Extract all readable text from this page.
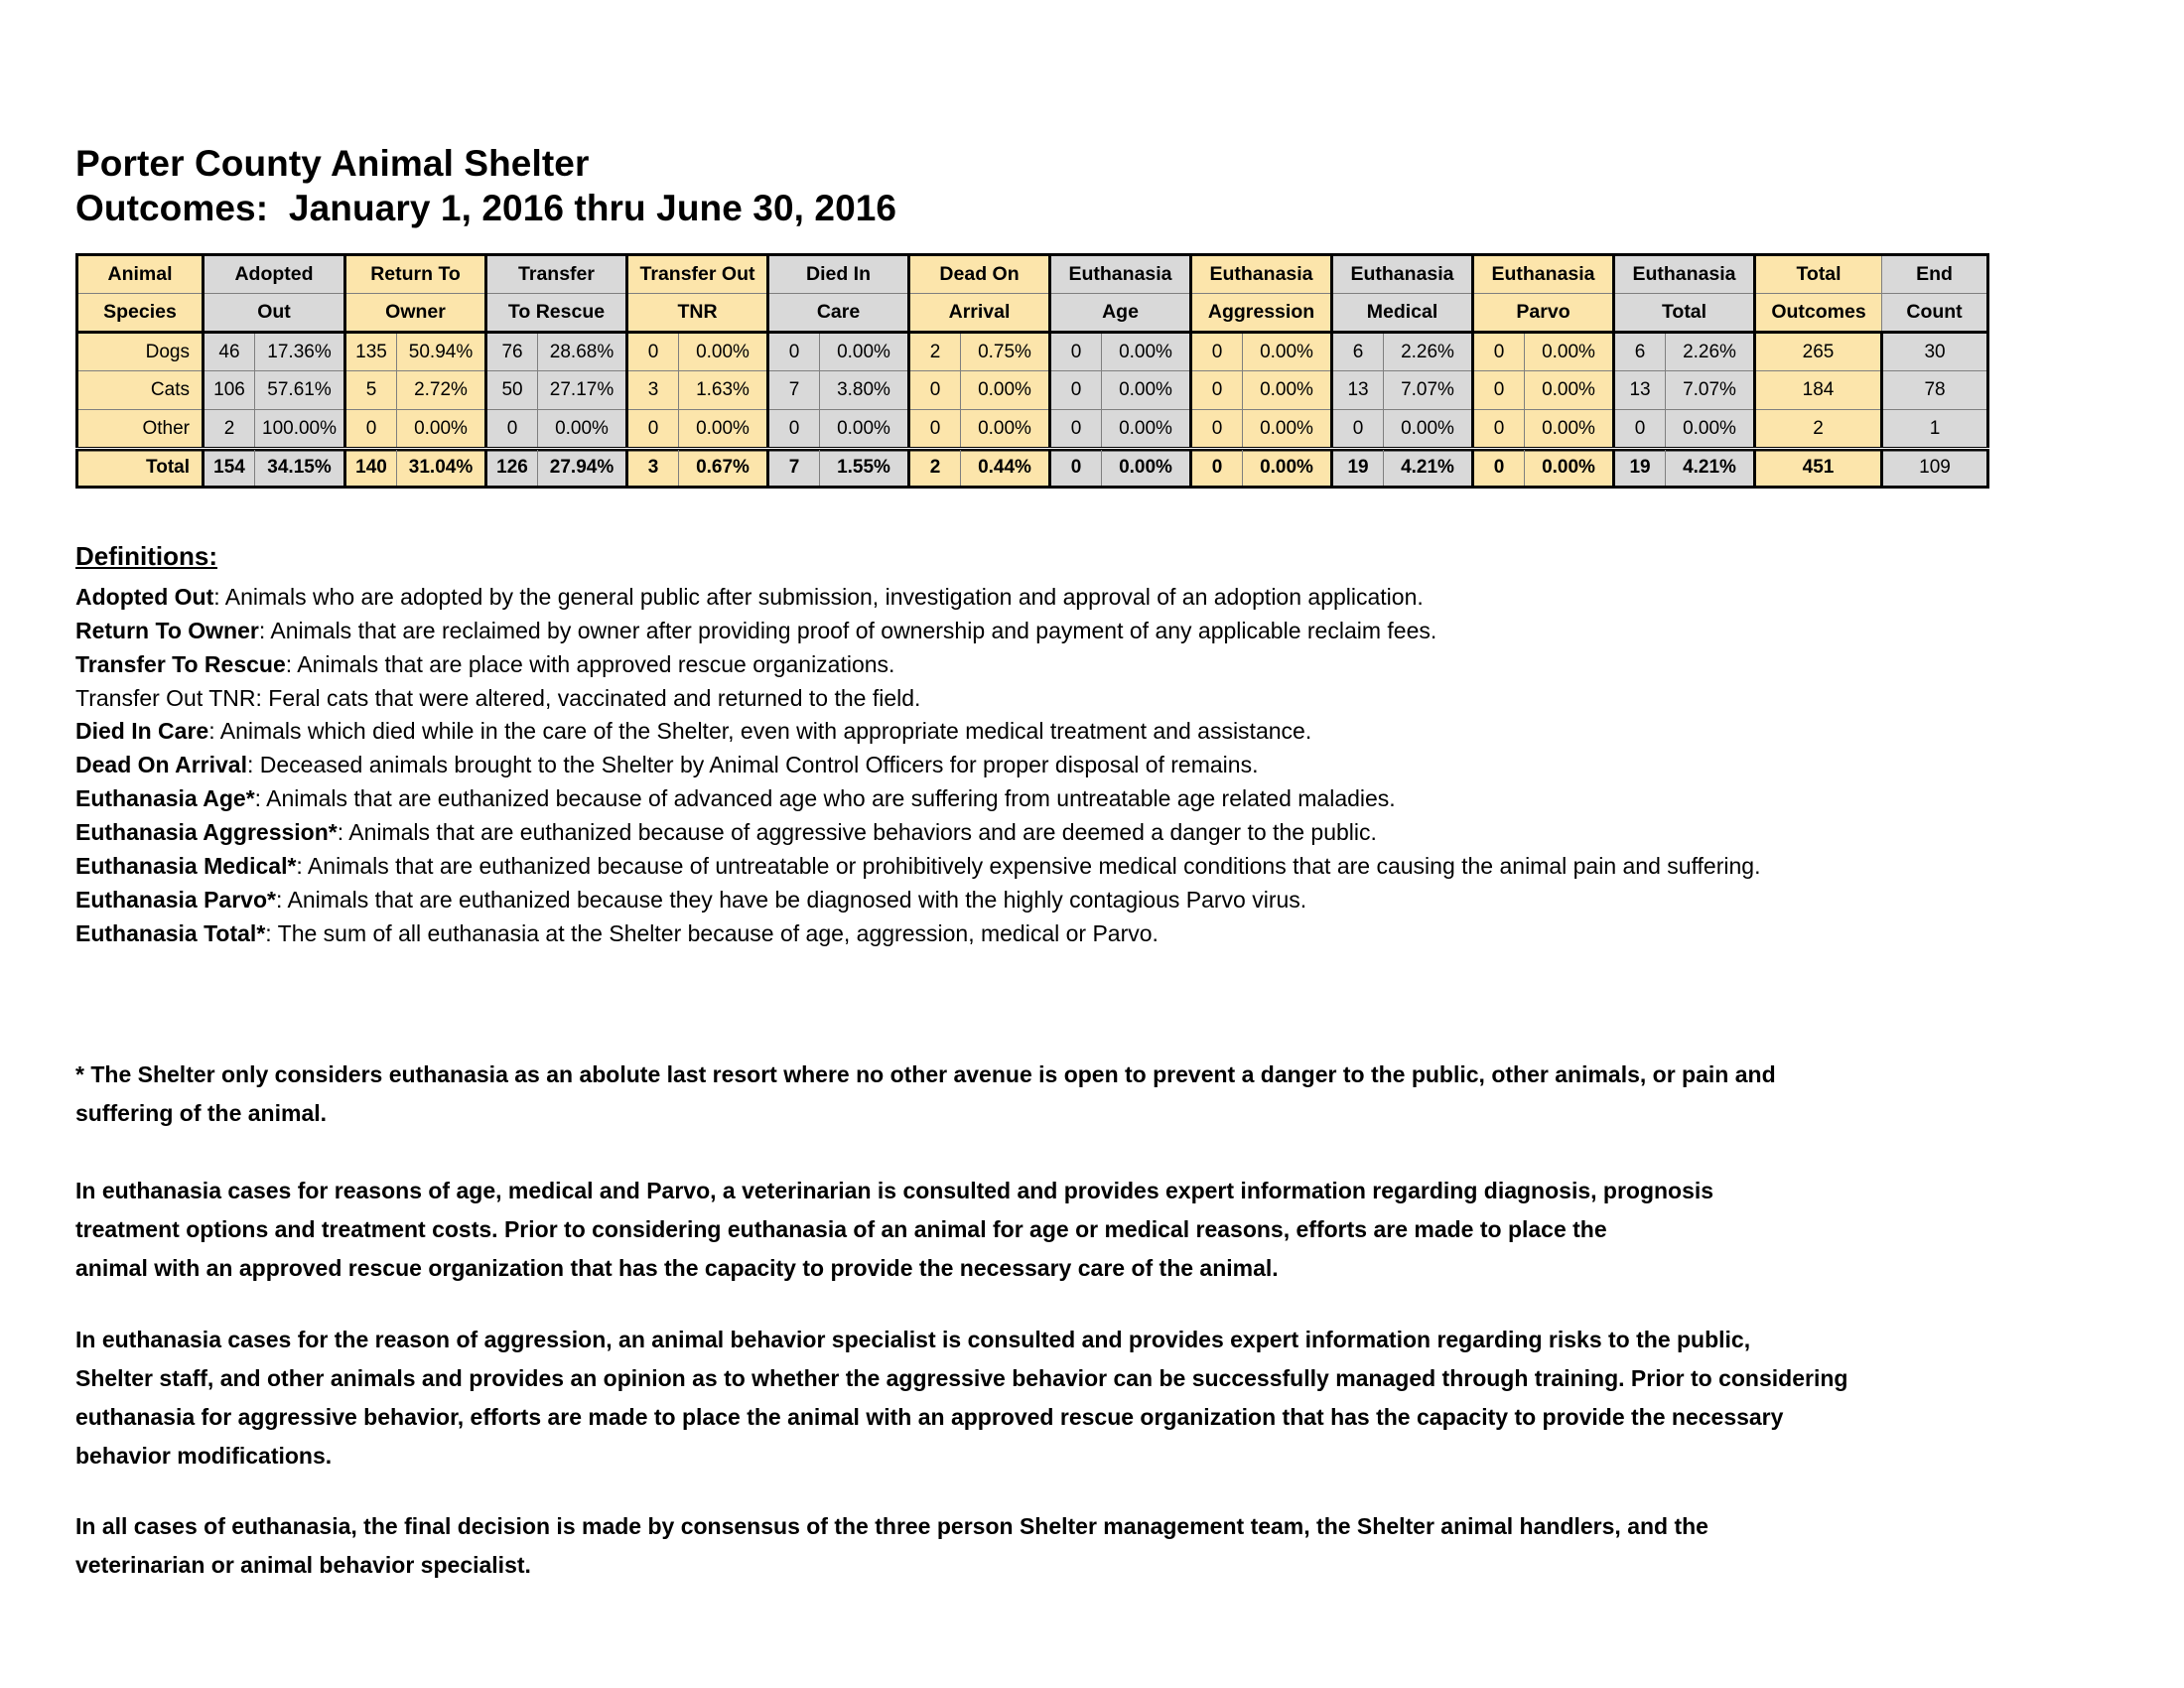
Porter County Animal Shelter
Outcomes:  January 1, 2016 thru June 30, 2016
Animal	Adopted		Return To		Transfer		Transfer Out		Died In		Dead On		Euthanasia		Euthanasia		Euthanasia		Euthanasia		Euthanasia		Total	End
Species	Out		Owner		To Rescue		TNR		Care		Arrival		Age		Aggression		Medical		Parvo		Total		Outcomes	Count
Dogs	46	17.36%	135	50.94%	76	28.68%	0	0.00%	0	0.00%	2	0.75%	0	0.00%	0	0.00%	6	2.26%	0	0.00%	6	2.26%	265	30
Cats	106	57.61%	5	2.72%	50	27.17%	3	1.63%	7	3.80%	0	0.00%	0	0.00%	0	0.00%	13	7.07%	0	0.00%	13	7.07%	184	78
Other	2	100.00%	0	0.00%	0	0.00%	0	0.00%	0	0.00%	0	0.00%	0	0.00%	0	0.00%	0	0.00%	0	0.00%	0	0.00%	2	1
Total	154	34.15%	140	31.04%	126	27.94%	3	0.67%	7	1.55%	2	0.44%	0	0.00%	0	0.00%	19	4.21%	0	0.00%	19	4.21%	451	109
Definitions:
Adopted Out: Animals who are adopted by the general public after submission, investigation and approval of an adoption application.
Return To Owner: Animals that are reclaimed by owner after providing proof of ownership and payment of any applicable reclaim fees.
Transfer To Rescue: Animals that are place with approved rescue organizations.
Transfer Out TNR: Feral cats that were altered, vaccinated and returned to the field.
Died In Care: Animals which died while in the care of the Shelter, even with appropriate medical treatment and assistance.
Dead On Arrival: Deceased animals brought to the Shelter by Animal Control Officers for proper disposal of remains.
Euthanasia Age*: Animals that are euthanized because of advanced age who are suffering from untreatable age related maladies.
Euthanasia Aggression*: Animals that are euthanized because of aggressive behaviors and are deemed a danger to the public.
Euthanasia Medical*: Animals that are euthanized because of untreatable or prohibitively expensive medical conditions that are causing the animal pain and suffering.
Euthanasia Parvo*: Animals that are euthanized because they have be diagnosed with the highly contagious Parvo virus.
Euthanasia Total*: The sum of all euthanasia at the Shelter because of age, aggression, medical or Parvo.
* The Shelter only considers euthanasia as an abolute last resort where no other avenue is open to prevent a danger to the public, other animals, or pain and
suffering of the animal.
In euthanasia cases for reasons of age, medical and Parvo, a veterinarian is consulted and provides expert information regarding diagnosis, prognosis
treatment options and treatment costs. Prior to considering euthanasia of an animal for age or medical reasons, efforts are made to place the
animal with an approved rescue organization that has the capacity to provide the necessary care of the animal.
In euthanasia cases for the reason of aggression, an animal behavior specialist is consulted and provides expert information regarding risks to the public,
Shelter staff, and other animals and provides an opinion as to whether the aggressive behavior can be successfully managed through training. Prior to considering
euthanasia for aggressive behavior, efforts are made to place the animal with an approved rescue organization that has the capacity to provide the necessary
behavior modifications.
In all cases of euthanasia, the final decision is made by consensus of the three person Shelter management team, the Shelter animal handlers, and the
veterinarian or animal behavior specialist.
